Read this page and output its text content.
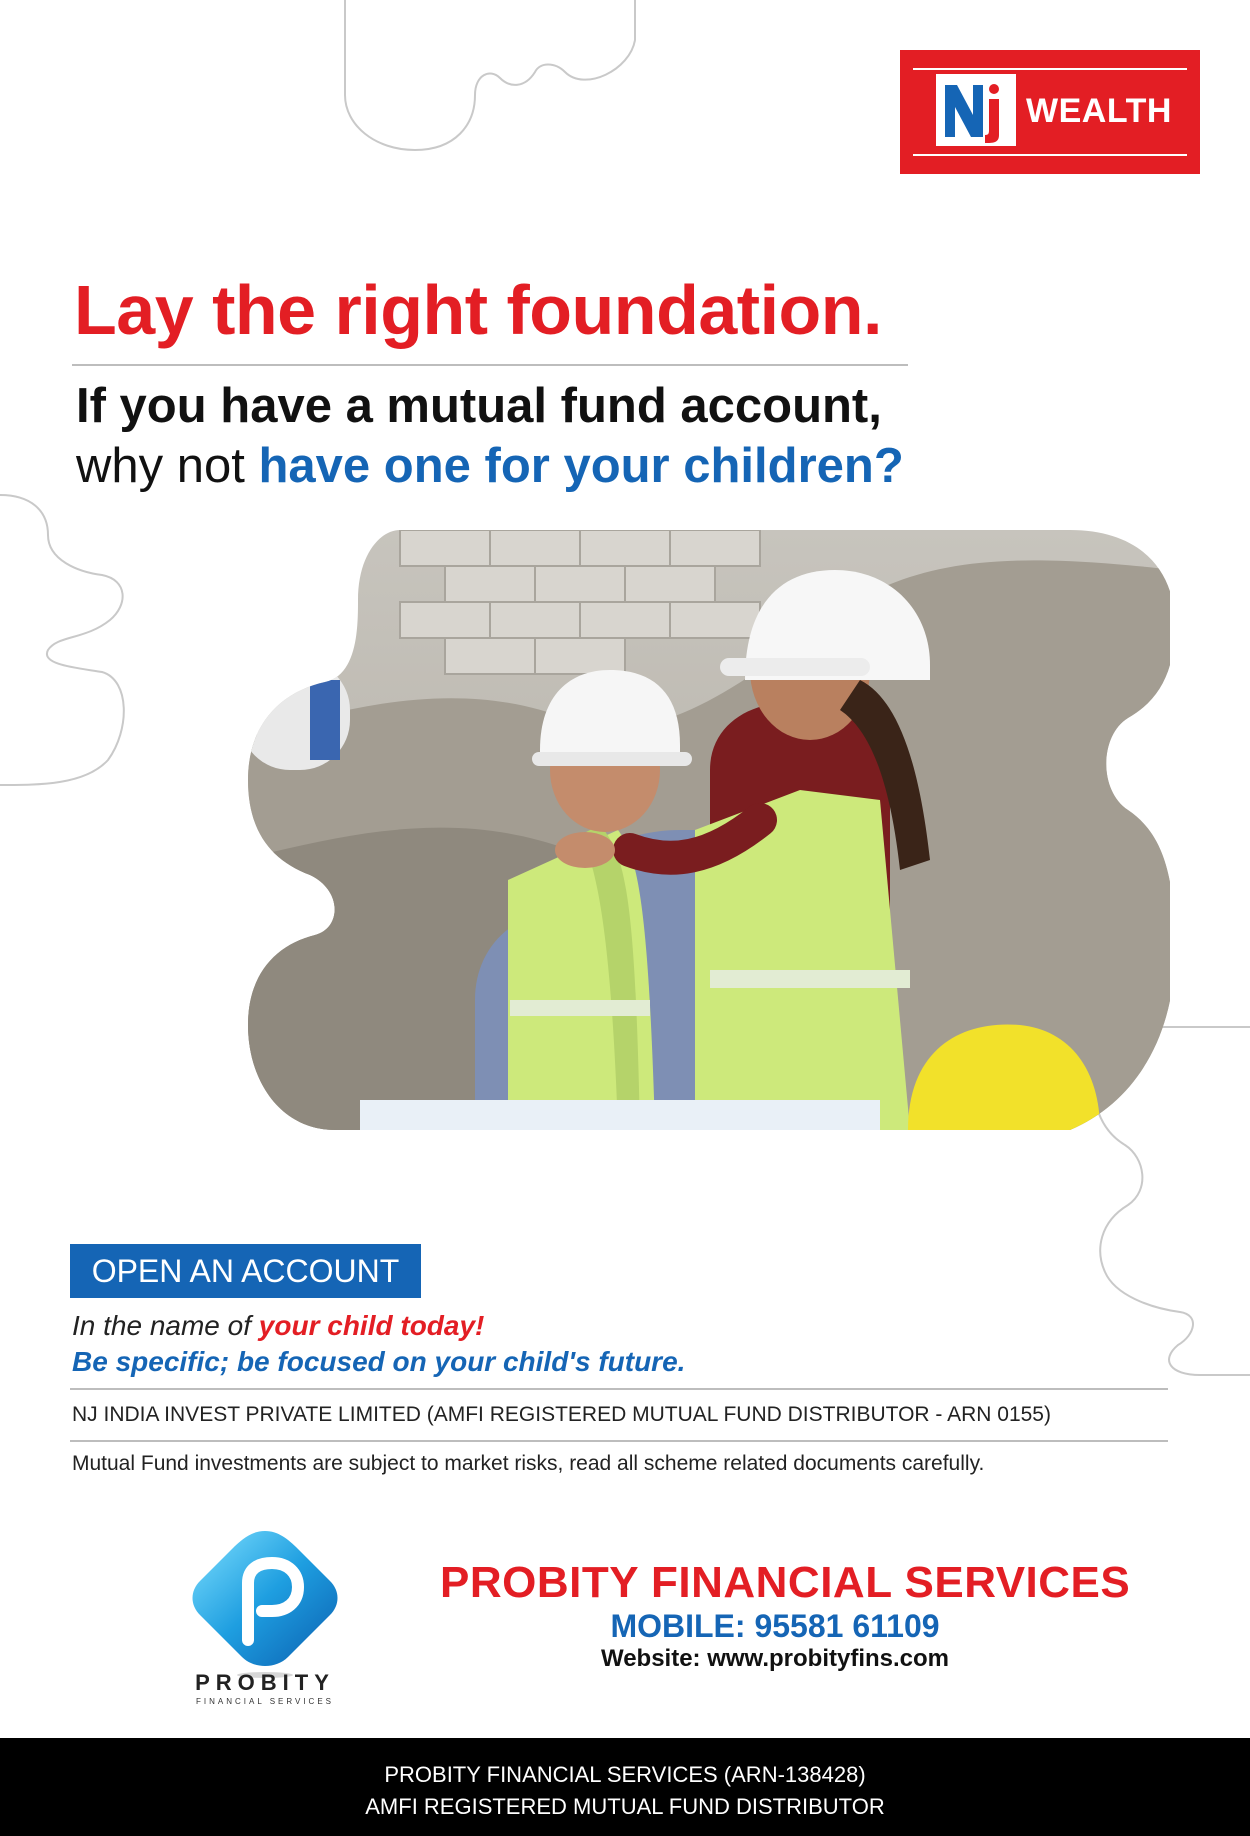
WEALTH
Lay the right foundation.

If you have a mutual fund account,

why not have one for your children?

OPEN AN ACCOUNT
In the name of your child today!
Be specific; be focused on your child's future.
NJ INDIA INVEST PRIVATE LIMITED (AMFI REGISTERED MUTUAL FUND DISTRIBUTOR - ARN 0155)
Mutual Fund investments are subject to market risks, read all scheme related documents carefully.
PROBITY
FINANCIAL SERVICES
PROBITY FINANCIAL SERVICES
MOBILE: 95581 61109
Website: www.probityfins.com
PROBITY FINANCIAL SERVICES (ARN-138428)
AMFI REGISTERED MUTUAL FUND DISTRIBUTOR
